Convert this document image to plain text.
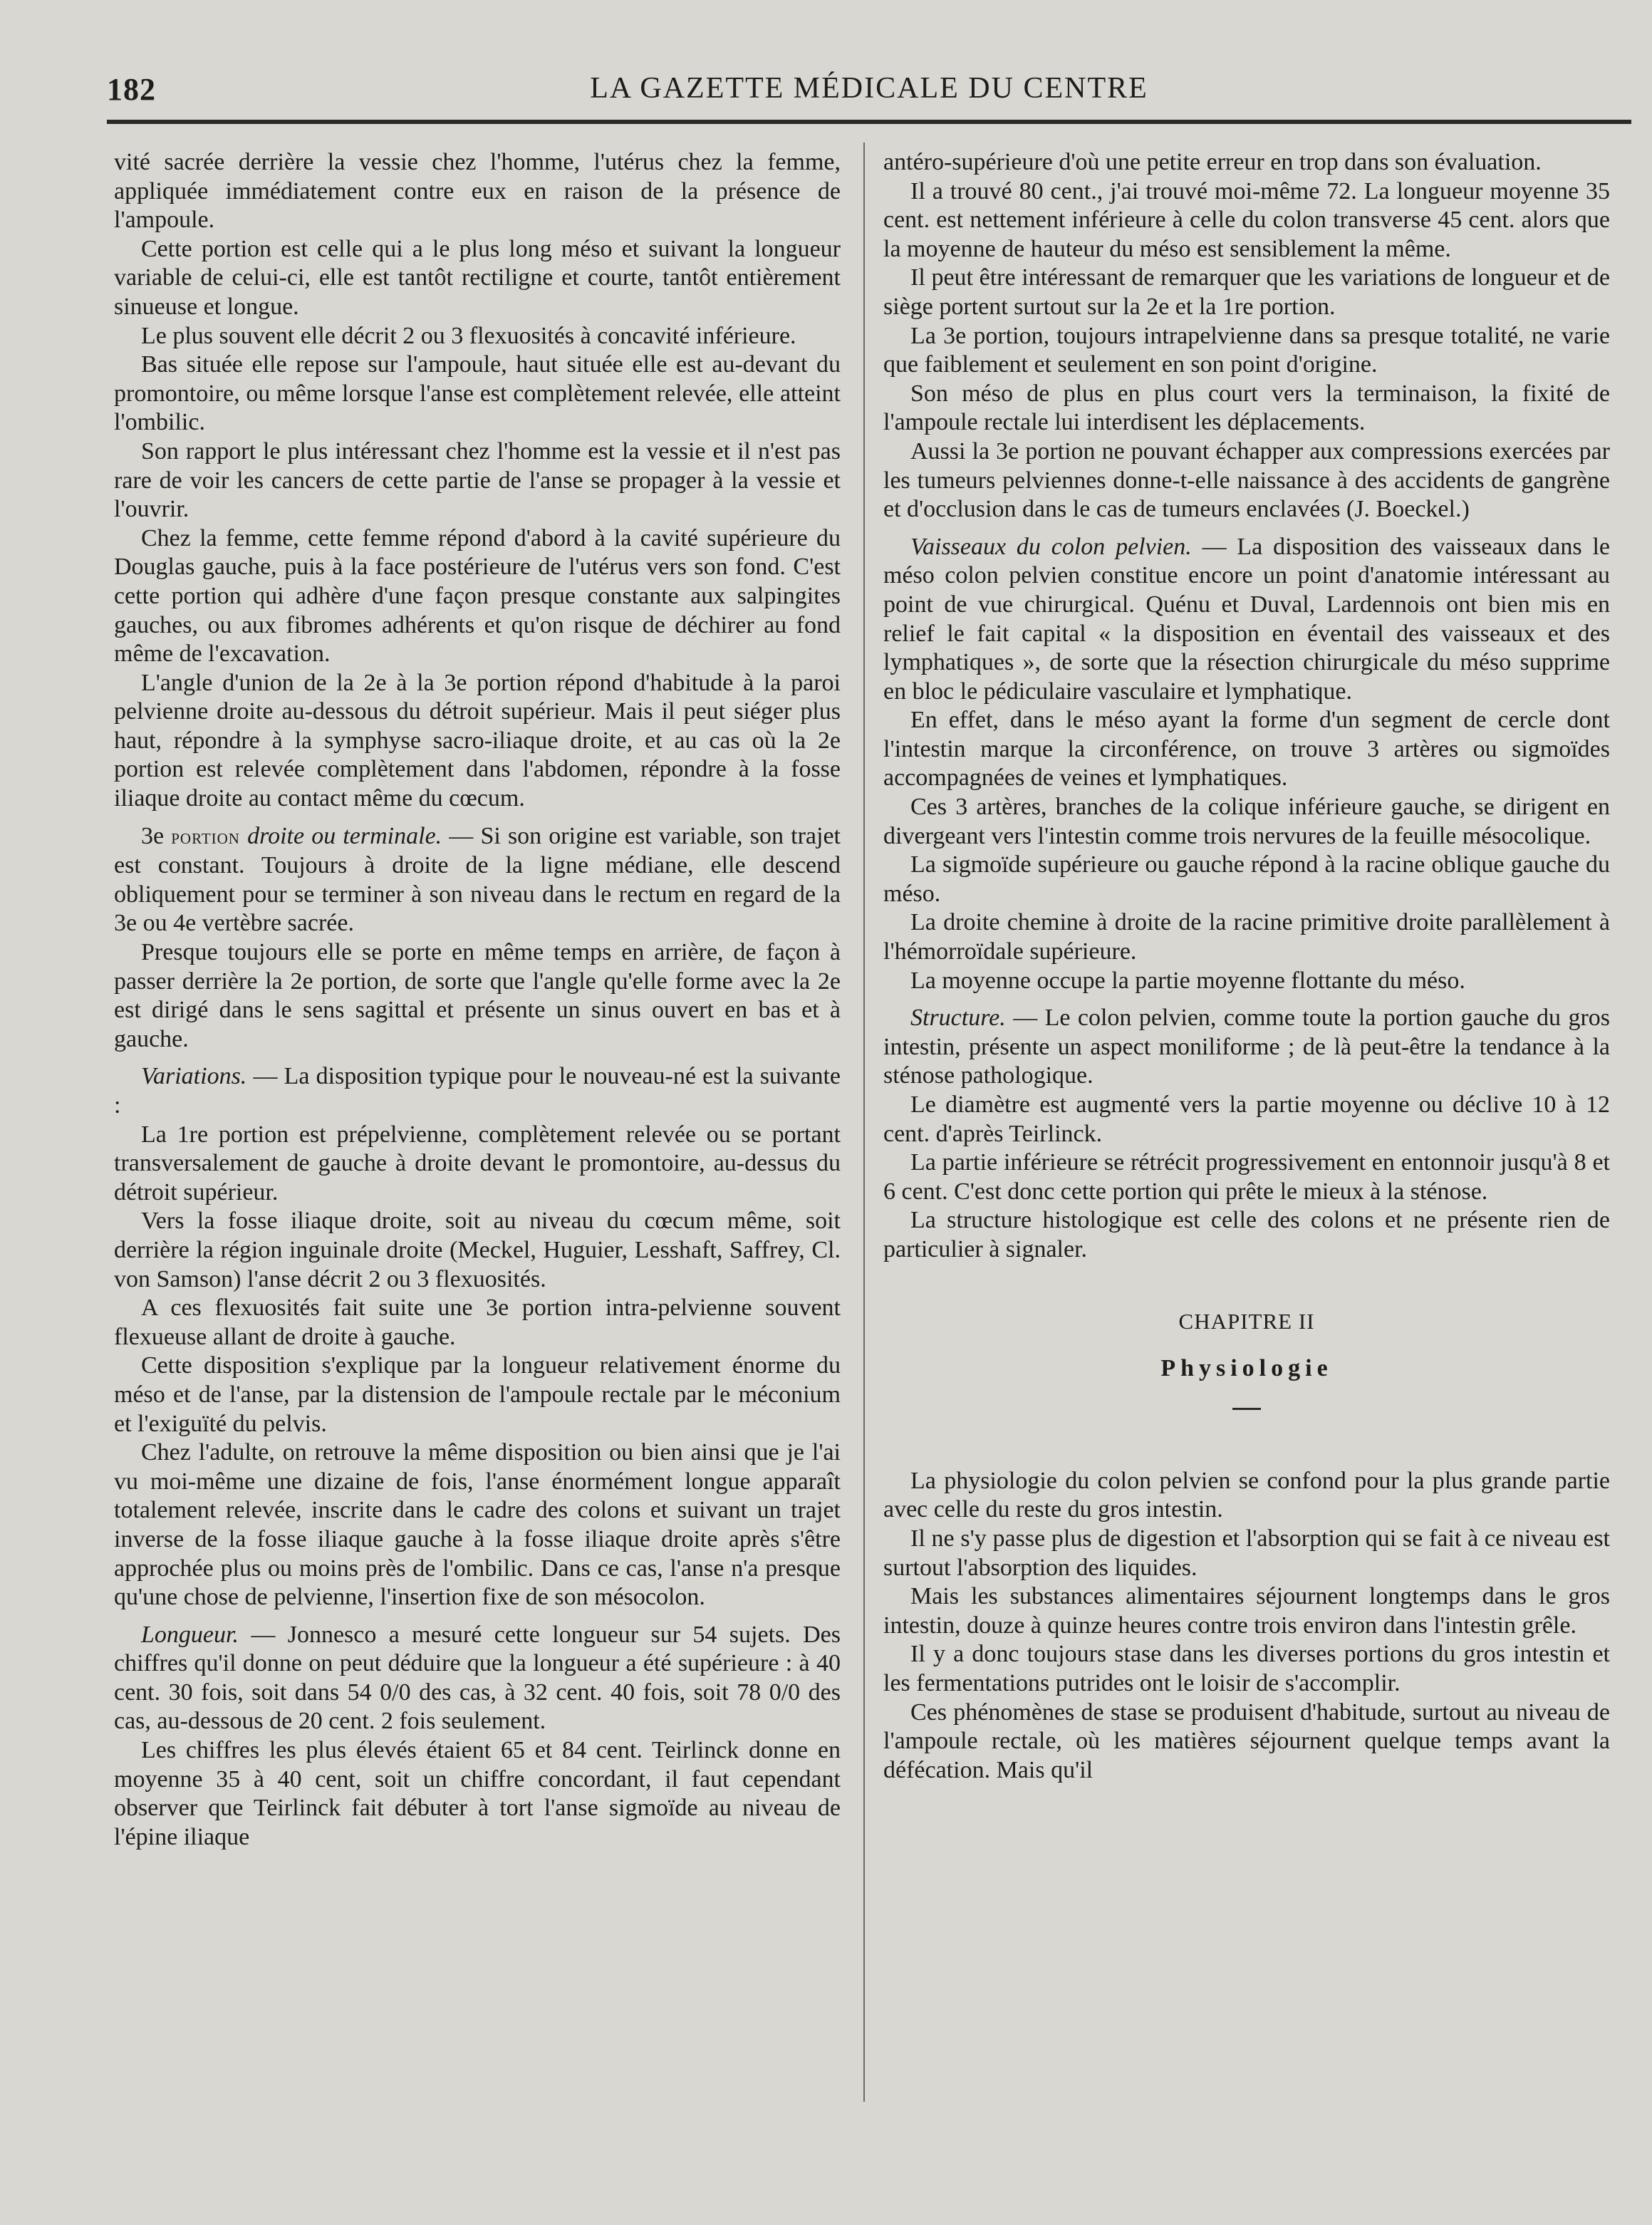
182	LA GAZETTE MÉDICALE DU CENTRE

vité sacrée derrière la vessie chez l'homme, l'utérus chez la femme, appliquée immédiatement contre eux en raison de la présence de l'ampoule.

Cette portion est celle qui a le plus long méso et suivant la longueur variable de celui-ci, elle est tantôt rectiligne et courte, tantôt entièrement sinueuse et longue.

Le plus souvent elle décrit 2 ou 3 flexuosités à concavité inférieure.

Bas située elle repose sur l'ampoule, haut située elle est au-devant du promontoire, ou même lorsque l'anse est complètement relevée, elle atteint l'ombilic.

Son rapport le plus intéressant chez l'homme est la vessie et il n'est pas rare de voir les cancers de cette partie de l'anse se propager à la vessie et l'ouvrir.

Chez la femme, cette femme répond d'abord à la cavité supérieure du Douglas gauche, puis à la face postérieure de l'utérus vers son fond. C'est cette portion qui adhère d'une façon presque constante aux salpingites gauches, ou aux fibromes adhérents et qu'on risque de déchirer au fond même de l'excavation.

L'angle d'union de la 2e à la 3e portion répond d'habitude à la paroi pelvienne droite au-dessous du détroit supérieur. Mais il peut siéger plus haut, répondre à la symphyse sacro-iliaque droite, et au cas où la 2e portion est relevée complètement dans l'abdomen, répondre à la fosse iliaque droite au contact même du cœcum.

3e portion droite ou terminale. — Si son origine est variable, son trajet est constant. Toujours à droite de la ligne médiane, elle descend obliquement pour se terminer à son niveau dans le rectum en regard de la 3e ou 4e vertèbre sacrée.

Presque toujours elle se porte en même temps en arrière, de façon à passer derrière la 2e portion, de sorte que l'angle qu'elle forme avec la 2e est dirigé dans le sens sagittal et présente un sinus ouvert en bas et à gauche.

Variations. — La disposition typique pour le nouveau-né est la suivante :

La 1re portion est prépelvienne, complètement relevée ou se portant transversalement de gauche à droite devant le promontoire, au-dessus du détroit supérieur.

Vers la fosse iliaque droite, soit au niveau du cœcum même, soit derrière la région inguinale droite (Meckel, Huguier, Lesshaft, Saffrey, Cl. von Samson) l'anse décrit 2 ou 3 flexuosités.

A ces flexuosités fait suite une 3e portion intra-pelvienne souvent flexueuse allant de droite à gauche.

Cette disposition s'explique par la longueur relativement énorme du méso et de l'anse, par la distension de l'ampoule rectale par le méconium et l'exiguïté du pelvis.

Chez l'adulte, on retrouve la même disposition ou bien ainsi que je l'ai vu moi-même une dizaine de fois, l'anse énormément longue apparaît totalement relevée, inscrite dans le cadre des colons et suivant un trajet inverse de la fosse iliaque gauche à la fosse iliaque droite après s'être approchée plus ou moins près de l'ombilic. Dans ce cas, l'anse n'a presque qu'une chose de pelvienne, l'insertion fixe de son mésocolon.

Longueur. — Jonnesco a mesuré cette longueur sur 54 sujets. Des chiffres qu'il donne on peut déduire que la longueur a été supérieure : à 40 cent. 30 fois, soit dans 54 0/0 des cas, à 32 cent. 40 fois, soit 78 0/0 des cas, au-dessous de 20 cent. 2 fois seulement.

Les chiffres les plus élevés étaient 65 et 84 cent. Teirlinck donne en moyenne 35 à 40 cent, soit un chiffre concordant, il faut cependant observer que Teirlinck fait débuter à tort l'anse sigmoïde au niveau de l'épine iliaque

antéro-supérieure d'où une petite erreur en trop dans son évaluation.

Il a trouvé 80 cent., j'ai trouvé moi-même 72. La longueur moyenne 35 cent. est nettement inférieure à celle du colon transverse 45 cent. alors que la moyenne de hauteur du méso est sensiblement la même.

Il peut être intéressant de remarquer que les variations de longueur et de siège portent surtout sur la 2e et la 1re portion.

La 3e portion, toujours intrapelvienne dans sa presque totalité, ne varie que faiblement et seulement en son point d'origine.

Son méso de plus en plus court vers la terminaison, la fixité de l'ampoule rectale lui interdisent les déplacements.

Aussi la 3e portion ne pouvant échapper aux compressions exercées par les tumeurs pelviennes donne-t-elle naissance à des accidents de gangrène et d'occlusion dans le cas de tumeurs enclavées (J. Boeckel.)

Vaisseaux du colon pelvien. — La disposition des vaisseaux dans le méso colon pelvien constitue encore un point d'anatomie intéressant au point de vue chirurgical. Quénu et Duval, Lardennois ont bien mis en relief le fait capital « la disposition en éventail des vaisseaux et des lymphatiques », de sorte que la résection chirurgicale du méso supprime en bloc le pédiculaire vasculaire et lymphatique.

En effet, dans le méso ayant la forme d'un segment de cercle dont l'intestin marque la circonférence, on trouve 3 artères ou sigmoïdes accompagnées de veines et lymphatiques.

Ces 3 artères, branches de la colique inférieure gauche, se dirigent en divergeant vers l'intestin comme trois nervures de la feuille mésocolique.

La sigmoïde supérieure ou gauche répond à la racine oblique gauche du méso.

La droite chemine à droite de la racine primitive droite parallèlement à l'hémorroïdale supérieure.

La moyenne occupe la partie moyenne flottante du méso.

Structure. — Le colon pelvien, comme toute la portion gauche du gros intestin, présente un aspect moniliforme ; de là peut-être la tendance à la sténose pathologique.

Le diamètre est augmenté vers la partie moyenne ou déclive 10 à 12 cent. d'après Teirlinck.

La partie inférieure se rétrécit progressivement en entonnoir jusqu'à 8 et 6 cent. C'est donc cette portion qui prête le mieux à la sténose.

La structure histologique est celle des colons et ne présente rien de particulier à signaler.

CHAPITRE II
Physiologie

La physiologie du colon pelvien se confond pour la plus grande partie avec celle du reste du gros intestin.

Il ne s'y passe plus de digestion et l'absorption qui se fait à ce niveau est surtout l'absorption des liquides.

Mais les substances alimentaires séjournent longtemps dans le gros intestin, douze à quinze heures contre trois environ dans l'intestin grêle.

Il y a donc toujours stase dans les diverses portions du gros intestin et les fermentations putrides ont le loisir de s'accomplir.

Ces phénomènes de stase se produisent d'habitude, surtout au niveau de l'ampoule rectale, où les matières séjournent quelque temps avant la défécation. Mais qu'il
